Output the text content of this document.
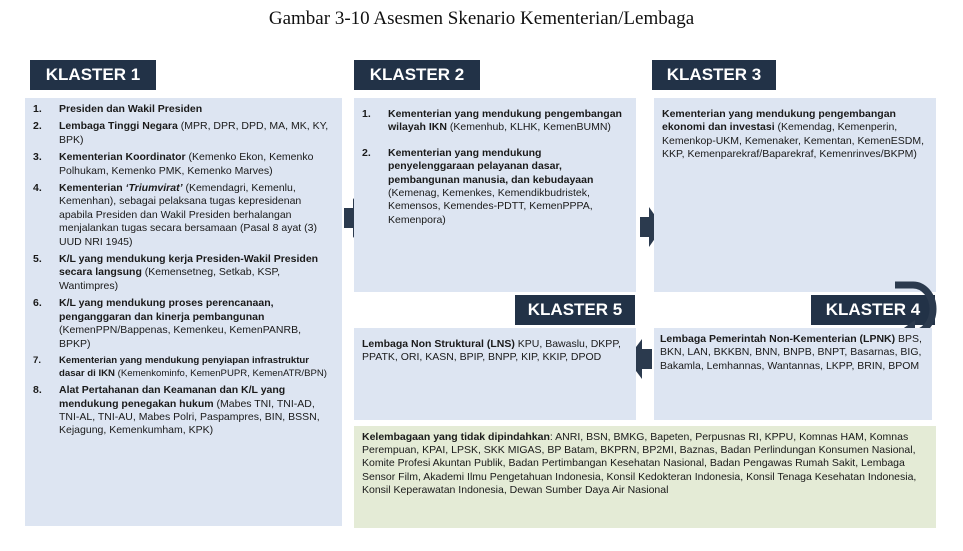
Gambar 3-10 Asesmen Skenario Kementerian/Lembaga
KLASTER 1	KLASTER 2	KLASTER 3
KLASTER 5	KLASTER 4
1.	Presiden dan Wakil Presiden
2.	Lembaga Tinggi Negara (MPR, DPR, DPD, MA, MK, KY, BPK)
3.	Kementerian Koordinator (Kemenko Ekon, Kemenko Polhukam, Kemenko PMK, Kemenko Marves)
4.	Kementerian ‘Triumvirat’ (Kemendagri, Kemenlu, Kemenhan), sebagai pelaksana tugas kepresidenan apabila Presiden dan Wakil Presiden berhalangan menjalankan tugas secara bersamaan (Pasal 8 ayat (3) UUD NRI 1945)
5.	K/L yang mendukung kerja Presiden-Wakil Presiden secara langsung (Kemensetneg, Setkab, KSP, Wantimpres)
6.	K/L yang mendukung proses perencanaan, penganggaran dan kinerja pembangunan (KemenPPN/Bappenas, Kemenkeu, KemenPANRB, BPKP)
7.	Kementerian yang mendukung penyiapan infrastruktur dasar di IKN (Kemenkominfo, KemenPUPR, KemenATR/BPN)
8.	Alat Pertahanan dan Keamanan dan K/L yang mendukung penegakan hukum (Mabes TNI, TNI-AD, TNI-AL, TNI-AU, Mabes Polri, Paspampres, BIN, BSSN, Kejagung, Kemenkumham, KPK)
1.	Kementerian yang mendukung pengembangan wilayah IKN (Kemenhub, KLHK, KemenBUMN)
2.	Kementerian yang mendukung penyelenggaraan pelayanan dasar, pembangunan manusia, dan kebudayaan (Kemenag, Kemenkes, Kemendikbudristek, Kemensos, Kemendes-PDTT, KemenPPPA, Kemenpora)

Kementerian yang mendukung pengembangan ekonomi dan investasi (Kemendag, Kemenperin, Kemenkop-UKM, Kemenaker, Kementan, KemenESDM, KKP, Kemenparekraf/Baparekraf, Kemenrinves/BKPM)

Lembaga Pemerintah Non-Kementerian (LPNK) BPS, BKN, LAN, BKKBN, BNN, BNPB, BNPT, Basarnas, BIG, Bakamla, Lemhannas, Wantannas, LKPP, BRIN, BPOM

Lembaga Non Struktural (LNS) KPU, Bawaslu, DKPP, PPATK, ORI, KASN, BPIP, BNPP, KIP, KKIP, DPOD

Kelembagaan yang tidak dipindahkan: ANRI, BSN, BMKG, Bapeten, Perpusnas RI, KPPU, Komnas HAM, Komnas Perempuan, KPAI, LPSK, SKK MIGAS, BP Batam, BKPRN, BP2MI, Baznas, Badan Perlindungan Konsumen Nasional, Komite Profesi Akuntan Publik, Badan Pertimbangan Kesehatan Nasional, Badan Pengawas Rumah Sakit, Lembaga Sensor Film, Akademi Ilmu Pengetahuan Indonesia, Konsil Kedokteran Indonesia, Konsil Tenaga Kesehatan Indonesia, Konsil Keperawatan Indonesia, Dewan Sumber Daya Air Nasional
